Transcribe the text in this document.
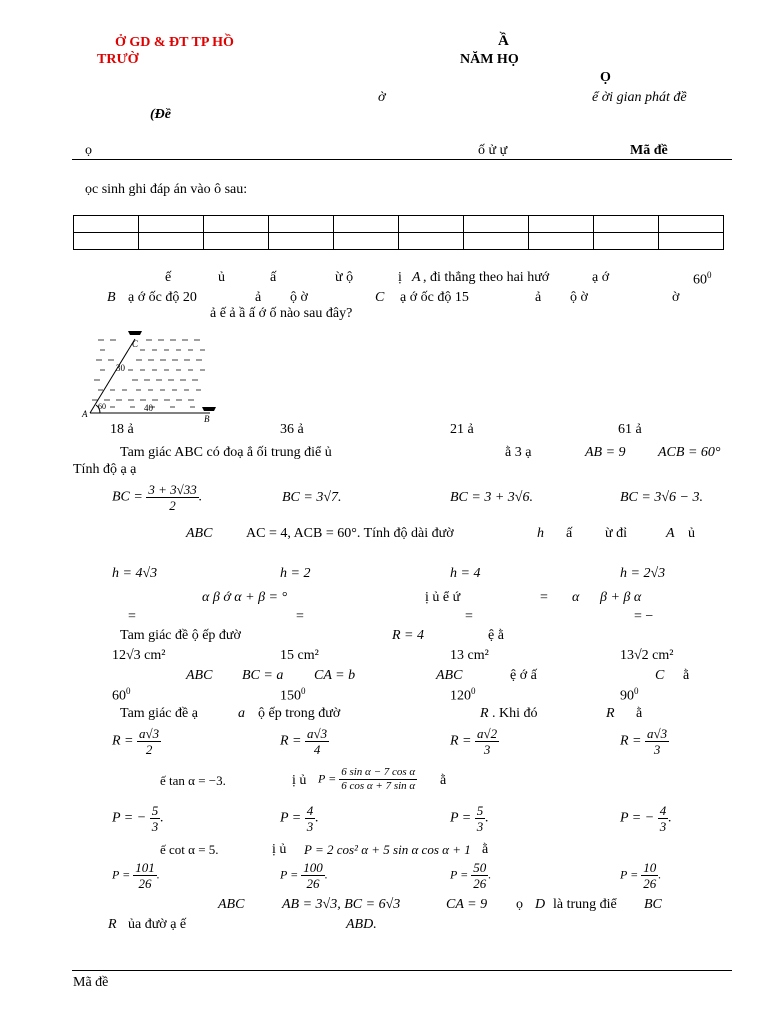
Ở GD & ĐT TP HỒ
TRƯỜ
Ầ
NĂM HỌ
Ọ
ờ	ể ời gian phát đề
(Đề
ọ	ố ử ự	Mã đề
ọc sinh ghi đáp án vào ô sau:

ế	ủ	ấ	ừ ộ	ị A , đi thẳng theo hai hướ	ạ ớ	$60^0$
B ạ ớ ốc độ 20	ả ộ ờ	C ạ ớ ốc độ 15	ả ộ ờ	ờ
ả ế ả ầ ấ ớ ố nào sau đây?
C
A	B
30
40
60
18 ả	36 ả	21 ả	61 ả
Tam giác ABC có đoạ ẳ ối trung điể ủ	ằ 3 ạ	AB = 9 ACB = 60°
Tính độ ạ ạ
BC = $\frac{3 + 3√33}{2}$ .	BC = 3√7.	BC = 3 + 3√6.	BC = 3√6 − 3.
ABC AC = 4, ACB = 60°. Tính độ dài đườ	h ấ ừ đỉ	A ủ
h = 4√3	h = 2	h = 4	h = 2√3
α β ớ α + β = °	ị ủ ể ứ	= α β + β α
=	=	=	= −
Tam giác đề ộ ếp đườ	R = 4	ệ ằ
12√3 cm²	15 cm²	13 cm²	13√2 cm²
ABC BC = a CA = b	ABC	ệ ớ ấ	C ằ
$60^0$	$150^0$	$120^0$	$90^0$
Tam giác đề ạ	a ộ ếp trong đườ	R . Khi đó	R ằ
$R = \frac{a√3}{2}$	$R = \frac{a√3}{4}$	$R = \frac{a√2}{3}$	$R = \frac{a√3}{3}$
ế tan α = −3.	ị ủ $P = \frac{\text{6 sin α − 7 cos α}}{\text{6 cos α + 7 sin α}}$ ằ
P = − $\frac{5}{3}$ .	$P = \frac{4}{3}$ .	$P = \frac{5}{3}$ .	P = − $\frac{4}{3}$ .
ế cot α = 5.	ị ủ P = 2 cos² α + 5 sin α cos α + 1 ằ
$P = \frac{101}{26}$ .	$P = \frac{100}{26}$ .	$P = \frac{50}{26}$ .	$P = \frac{10}{26}$ .
ABC	AB = 3√3, BC = 6√3	CA = 9 ọ D là trung điể BC
R ủa đườ ạ ế	ABD.
Mã đề
